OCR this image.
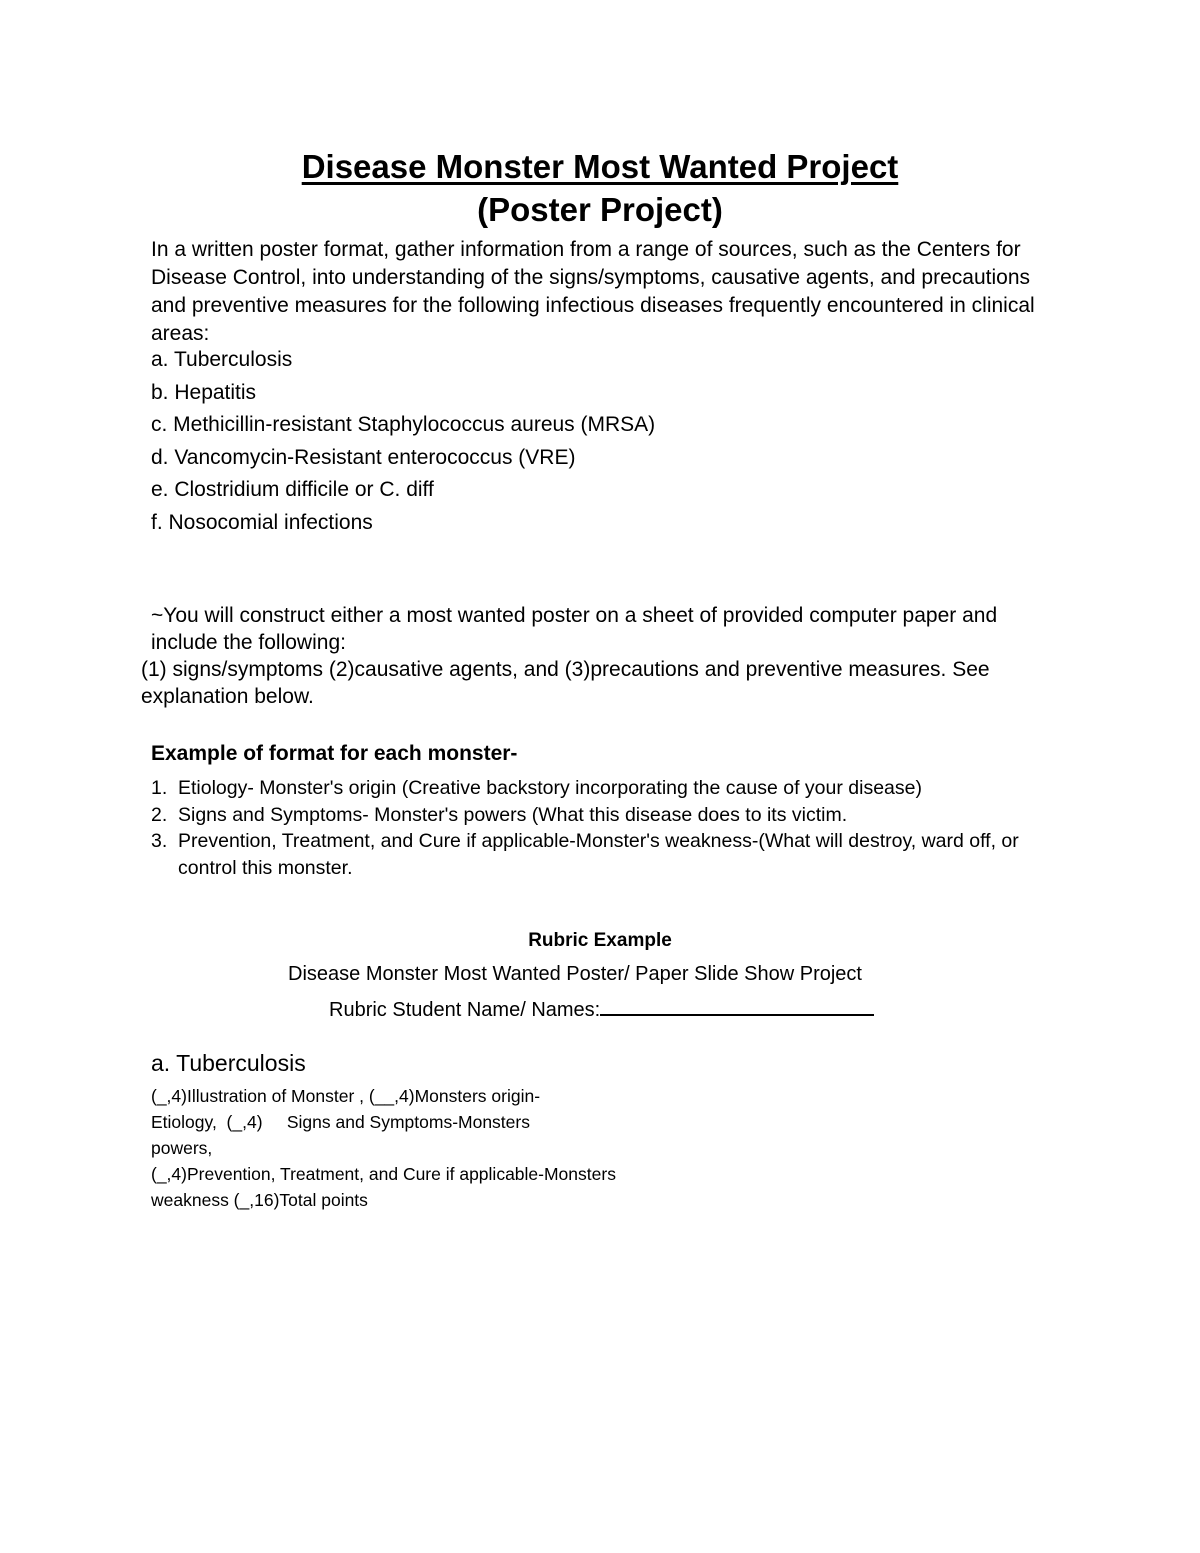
Disease Monster Most Wanted Project
(Poster Project)

In a written poster format, gather information from a range of sources, such as the Centers for Disease Control, into understanding of the signs/symptoms, causative agents, and precautions and preventive measures for the following infectious diseases frequently encountered in clinical areas:

a. Tuberculosis
b. Hepatitis
c. Methicillin-resistant Staphylococcus aureus (MRSA)
d. Vancomycin-Resistant enterococcus (VRE)
e. Clostridium difficile or C. diff
f. Nosocomial infections

~You will construct either a most wanted poster on a sheet of provided computer paper and include the following:

(1) signs/symptoms (2)causative agents, and (3)precautions and preventive measures. See explanation below.

Example of format for each monster-

1. Etiology- Monster's origin (Creative backstory incorporating the cause of your disease)
2. Signs and Symptoms- Monster's powers (What this disease does to its victim.
3. Prevention, Treatment, and Cure if applicable-Monster's weakness-(What will destroy, ward off, or control this monster.

Rubric Example

Disease Monster Most Wanted Poster/ Paper Slide Show Project

Rubric Student Name/ Names:

a. Tuberculosis

(_,4)Illustration of Monster , (__,4)Monsters origin-
Etiology,  (_,4)     Signs and Symptoms-Monsters
powers,
(_,4)Prevention, Treatment, and Cure if applicable-Monsters
weakness (_,16)Total points
